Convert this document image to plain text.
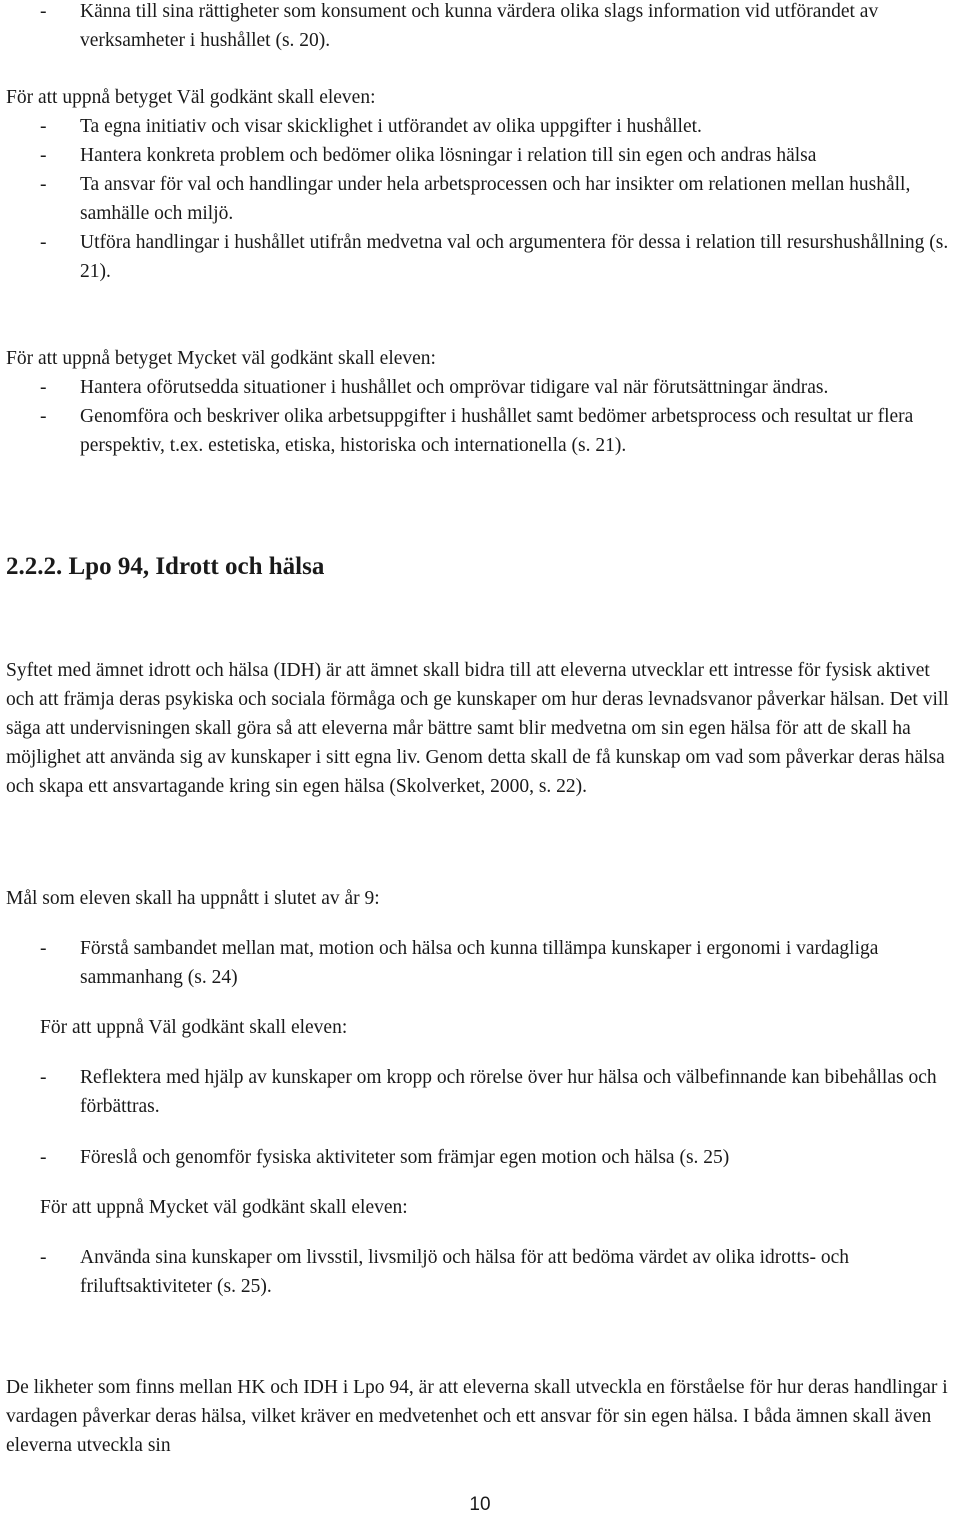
- Känna till sina rättigheter som konsument och kunna värdera olika slags information vid utförandet av verksamheter i hushållet (s. 20).

För att uppnå betyget Väl godkänt skall eleven:

- Ta egna initiativ och visar skicklighet i utförandet av olika uppgifter i hushållet.
- Hantera konkreta problem och bedömer olika lösningar i relation till sin egen och andras hälsa
- Ta ansvar för val och handlingar under hela arbetsprocessen och har insikter om relationen mellan hushåll, samhälle och miljö.
- Utföra handlingar i hushållet utifrån medvetna val och argumentera för dessa i relation till resurshushållning (s. 21).

För att uppnå betyget Mycket väl godkänt skall eleven:

- Hantera oförutsedda situationer i hushållet och omprövar tidigare val när förutsättningar ändras.
- Genomföra och beskriver olika arbetsuppgifter i hushållet samt bedömer arbetsprocess och resultat ur flera perspektiv, t.ex. estetiska, etiska, historiska och internationella (s. 21).
2.2.2. Lpo 94, Idrott och hälsa

Syftet med ämnet idrott och hälsa (IDH) är att ämnet skall bidra till att eleverna utvecklar ett intresse för fysisk aktivet och att främja deras psykiska och sociala förmåga och ge kunskaper om hur deras levnadsvanor påverkar hälsan. Det vill säga att undervisningen skall göra så att eleverna mår bättre samt blir medvetna om sin egen hälsa för att de skall ha möjlighet att använda sig av kunskaper i sitt egna liv. Genom detta skall de få kunskap om vad som påverkar deras hälsa och skapa ett ansvartagande kring sin egen hälsa (Skolverket, 2000, s. 22).

Mål som eleven skall ha uppnått i slutet av år 9:

- Förstå sambandet mellan mat, motion och hälsa och kunna tillämpa kunskaper i ergonomi i vardagliga sammanhang (s. 24)

För att uppnå Väl godkänt skall eleven:

- Reflektera med hjälp av kunskaper om kropp och rörelse över hur hälsa och välbefinnande kan bibehållas och förbättras.
- Föreslå och genomför fysiska aktiviteter som främjar egen motion och hälsa (s. 25)

För att uppnå Mycket väl godkänt skall eleven:

- Använda sina kunskaper om livsstil, livsmiljö och hälsa för att bedöma värdet av olika idrotts- och friluftsaktiviteter (s. 25).

De likheter som finns mellan HK och IDH i Lpo 94, är att eleverna skall utveckla en förståelse för hur deras handlingar i vardagen påverkar deras hälsa, vilket kräver en medvetenhet och ett ansvar för sin egen hälsa. I båda ämnen skall även eleverna utveckla sin

10
